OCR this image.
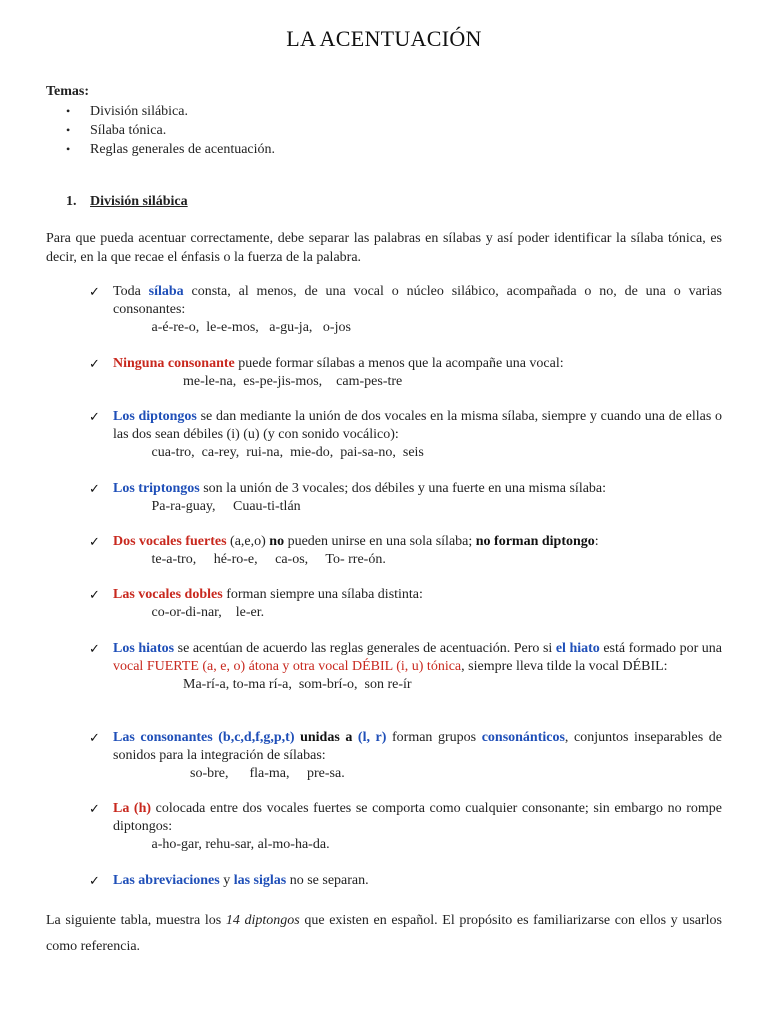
LA ACENTUACIÓN
Temas:
• División silábica.
• Sílaba tónica.
• Reglas generales de acentuación.
1. División silábica
Para que pueda acentuar correctamente, debe separar las palabras en sílabas y así poder identificar la sílaba tónica, es decir, en la que recae el énfasis o la fuerza de la palabra.
✓ Toda sílaba consta, al menos, de una vocal o núcleo silábico, acompañada o no, de una o varias consonantes:
a-é-re-o,  le-e-mos,   a-gu-ja,   o-jos
✓ Ninguna consonante puede formar sílabas a menos que la acompañe una vocal:
me-le-na,  es-pe-jis-mos,    cam-pes-tre
✓ Los diptongos se dan mediante la unión de dos vocales en la misma sílaba, siempre y cuando una de ellas o las dos sean débiles (i) (u) (y con sonido vocálico):
cua-tro,  ca-rey,  rui-na,  mie-do,  pai-sa-no,  seis
✓ Los triptongos son la unión de 3 vocales; dos débiles y una fuerte en una misma sílaba:
Pa-ra-guay,     Cuau-ti-tlán
✓ Dos vocales fuertes (a,e,o) no pueden unirse en una sola sílaba; no forman diptongo:
te-a-tro,     hé-ro-e,     ca-os,     To- rre-ón.
✓ Las vocales dobles forman siempre una sílaba distinta:
co-or-di-nar,    le-er.
✓ Los hiatos se acentúan de acuerdo las reglas generales de acentuación. Pero si el hiato está formado por una vocal FUERTE (a, e, o) átona y otra vocal DÉBIL (i, u) tónica, siempre lleva tilde la vocal DÉBIL:
Ma-rí-a, to-ma rí-a,  som-brí-o,  son re-ír
✓ Las consonantes (b,c,d,f,g,p,t) unidas a (l, r) forman grupos consonánticos, conjuntos inseparables de sonidos para la integración de sílabas:
so-bre,      fla-ma,     pre-sa.
✓ La (h) colocada entre dos vocales fuertes se comporta como cualquier consonante; sin embargo no rompe diptongos:
a-ho-gar, rehu-sar, al-mo-ha-da.
✓ Las abreviaciones y las siglas no se separan.
La siguiente tabla, muestra los 14 diptongos que existen en español. El propósito es familiarizarse con ellos y usarlos como referencia.
